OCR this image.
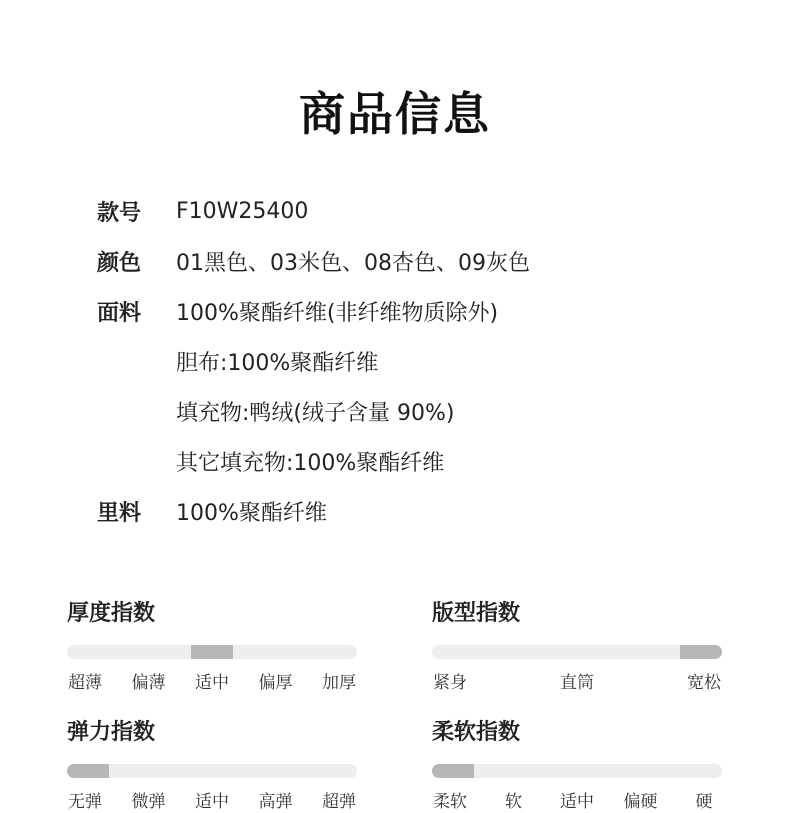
商品信息
款号	F10W25400
颜色	01黑色、03米色、08杏色、09灰色
面料	100%聚酯纤维(非纤维物质除外)
胆布:100%聚酯纤维
填充物:鸭绒(绒子含量 90%)
其它填充物:100%聚酯纤维
里料	100%聚酯纤维
厚度指数
超薄 偏薄 适中 偏厚 加厚
版型指数
紧身	直筒	宽松
弹力指数
无弹 微弹 适中 高弹 超弹
柔软指数
柔软 软 适中 偏硬 硬
